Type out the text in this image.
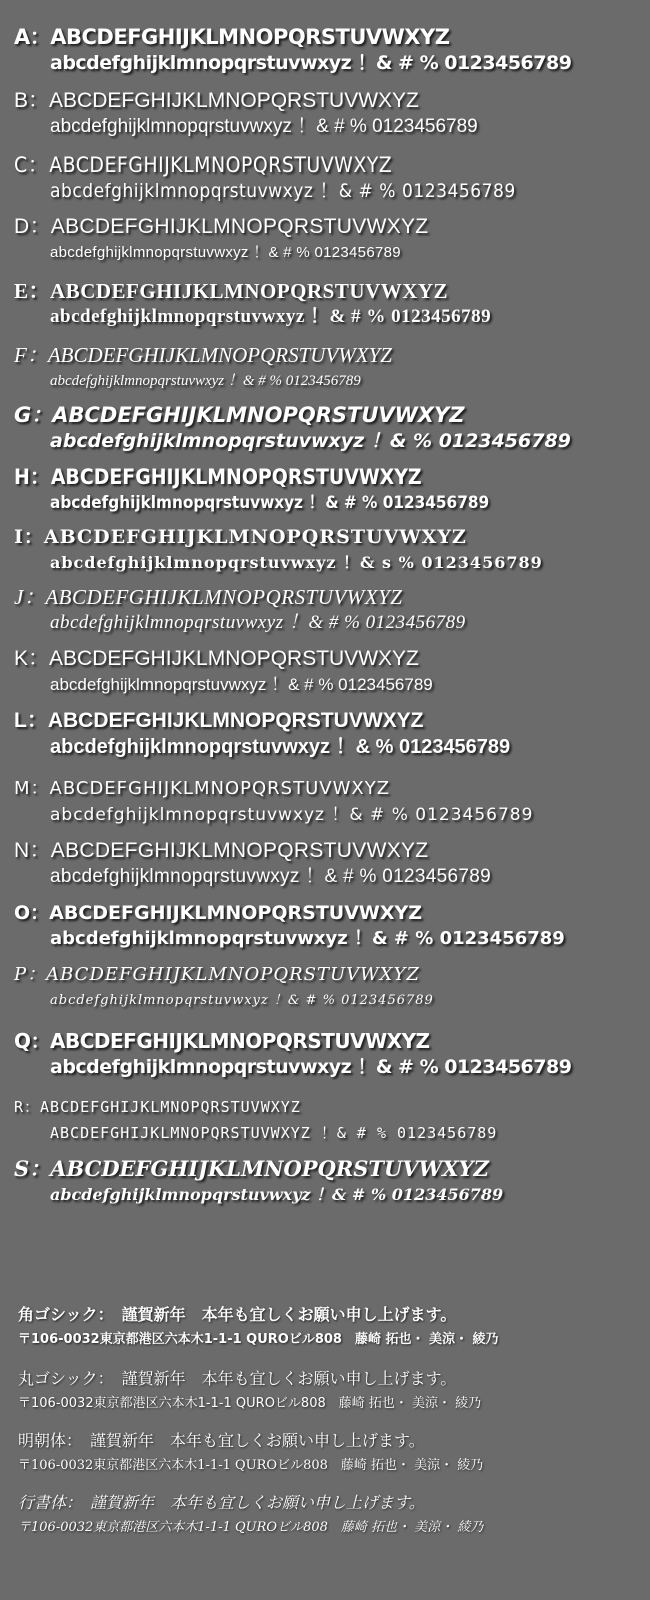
A：ABCDEFGHIJKLMNOPQRSTUVWXYZ
abcdefghijklmnopqrstuvwxyz ！& # % 0123456789
B：ABCDEFGHIJKLMNOPQRSTUVWXYZ
abcdefghijklmnopqrstuvwxyz ！& # % 0123456789
C：ABCDEFGHIJKLMNOPQRSTUVWXYZ
abcdefghijklmnopqrstuvwxyz ！& # % 0123456789
D：ABCDEFGHIJKLMNOPQRSTUVWXYZ
abcdefghijklmnopqrstuvwxyz ！& # % 0123456789
E：ABCDEFGHIJKLMNOPQRSTUVWXYZ
abcdefghijklmnopqrstuvwxyz ！& # % 0123456789
F：ABCDEFGHIJKLMNOPQRSTUVWXYZ
abcdefghijklmnopqrstuvwxyz ！& # % 0123456789
G：ABCDEFGHIJKLMNOPQRSTUVWXYZ
abcdefghijklmnopqrstuvwxyz ！& % 0123456789
H：ABCDEFGHIJKLMNOPQRSTUVWXYZ
abcdefghijklmnopqrstuvwxyz ！& # % 0123456789
I：ABCDEFGHIJKLMNOPQRSTUVWXYZ
abcdefghijklmnopqrstuvwxyz ！& s % 0123456789
J：ABCDEFGHIJKLMNOPQRSTUVWXYZ
abcdefghijklmnopqrstuvwxyz ！& # % 0123456789
K：ABCDEFGHIJKLMNOPQRSTUVWXYZ
abcdefghijklmnopqrstuvwxyz ！& # % 0123456789
L：ABCDEFGHIJKLMNOPQRSTUVWXYZ
abcdefghijklmnopqrstuvwxyz ！& % 0123456789
M：ABCDEFGHIJKLMNOPQRSTUVWXYZ
abcdefghijklmnopqrstuvwxyz ！& # % 0123456789
N：ABCDEFGHIJKLMNOPQRSTUVWXYZ
abcdefghijklmnopqrstuvwxyz ！& # % 0123456789
O：ABCDEFGHIJKLMNOPQRSTUVWXYZ
abcdefghijklmnopqrstuvwxyz ！& # % 0123456789
P：ABCDEFGHIJKLMNOPQRSTUVWXYZ
abcdefghijklmnopqrstuvwxyz ！& # % 0123456789
Q：ABCDEFGHIJKLMNOPQRSTUVWXYZ
abcdefghijklmnopqrstuvwxyz ！& # % 0123456789
R：ABCDEFGHIJKLMNOPQRSTUVWXYZ
ABCDEFGHIJKLMNOPQRSTUVWXYZ ！& # % 0123456789
S：ABCDEFGHIJKLMNOPQRSTUVWXYZ
abcdefghijklmnopqrstuvwxyz ！& # % 0123456789
角ゴシック：　謹賀新年　本年も宜しくお願い申し上げます。
〒106-0032東京都港区六本木1-1-1 QUROビル808　藤崎 拓也・ 美涼・ 綾乃
丸ゴシック：　謹賀新年　本年も宜しくお願い申し上げます。
〒106-0032東京都港区六本木1-1-1 QUROビル808　藤崎 拓也・ 美涼・ 綾乃
明朝体：　謹賀新年　本年も宜しくお願い申し上げます。
〒106-0032東京都港区六本木1-1-1 QUROビル808　藤崎 拓也・ 美涼・ 綾乃
行書体：　謹賀新年　本年も宜しくお願い申し上げます。
〒106-0032東京都港区六本木1-1-1 QUROビル808　藤崎 拓也・ 美涼・ 綾乃
